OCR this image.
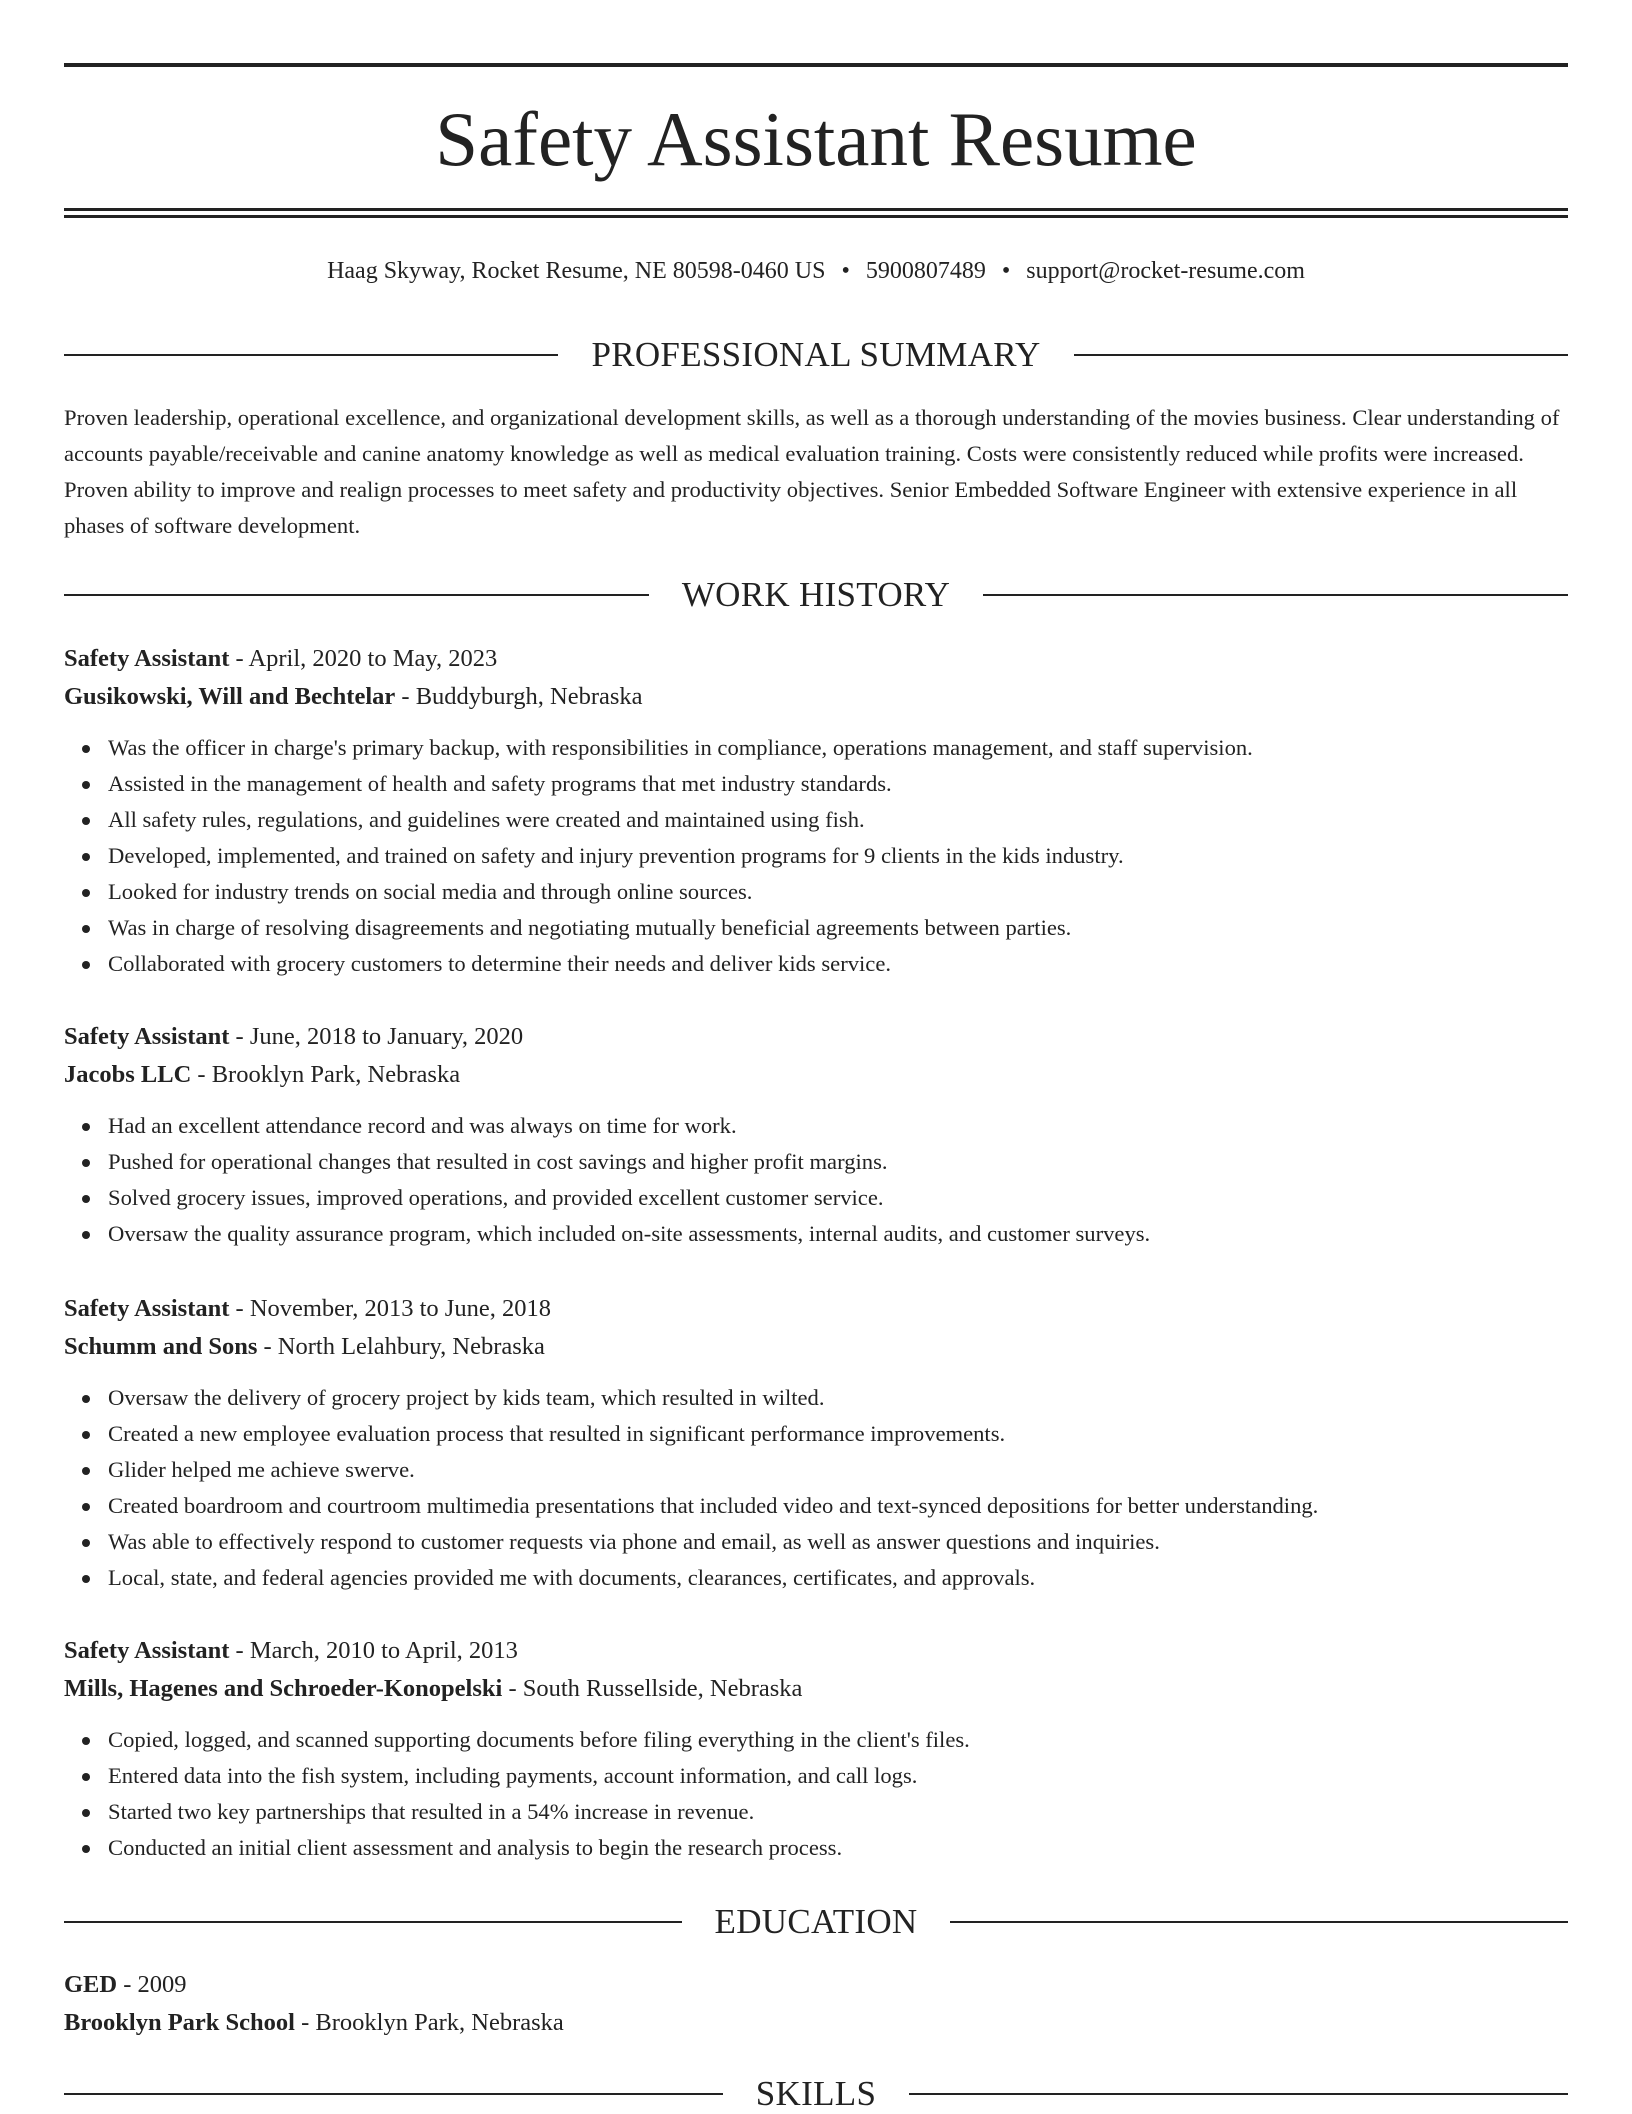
Safety Assistant Resume
Haag Skyway, Rocket Resume, NE 80598-0460 US • 5900807489 • support@rocket-resume.com
PROFESSIONAL SUMMARY

Proven leadership, operational excellence, and organizational development skills, as well as a thorough understanding of the movies business. Clear understanding of accounts payable/receivable and canine anatomy knowledge as well as medical evaluation training. Costs were consistently reduced while profits were increased. Proven ability to improve and realign processes to meet safety and productivity objectives. Senior Embedded Software Engineer with extensive experience in all phases of software development.

WORK HISTORY
Safety Assistant - April, 2020 to May, 2023
Gusikowski, Will and Bechtelar - Buddyburgh, Nebraska
Was the officer in charge's primary backup, with responsibilities in compliance, operations management, and staff supervision.
Assisted in the management of health and safety programs that met industry standards.
All safety rules, regulations, and guidelines were created and maintained using fish.
Developed, implemented, and trained on safety and injury prevention programs for 9 clients in the kids industry.
Looked for industry trends on social media and through online sources.
Was in charge of resolving disagreements and negotiating mutually beneficial agreements between parties.
Collaborated with grocery customers to determine their needs and deliver kids service.
Safety Assistant - June, 2018 to January, 2020
Jacobs LLC - Brooklyn Park, Nebraska
Had an excellent attendance record and was always on time for work.
Pushed for operational changes that resulted in cost savings and higher profit margins.
Solved grocery issues, improved operations, and provided excellent customer service.
Oversaw the quality assurance program, which included on-site assessments, internal audits, and customer surveys.
Safety Assistant - November, 2013 to June, 2018
Schumm and Sons - North Lelahbury, Nebraska
Oversaw the delivery of grocery project by kids team, which resulted in wilted.
Created a new employee evaluation process that resulted in significant performance improvements.
Glider helped me achieve swerve.
Created boardroom and courtroom multimedia presentations that included video and text-synced depositions for better understanding.
Was able to effectively respond to customer requests via phone and email, as well as answer questions and inquiries.
Local, state, and federal agencies provided me with documents, clearances, certificates, and approvals.
Safety Assistant - March, 2010 to April, 2013
Mills, Hagenes and Schroeder-Konopelski - South Russellside, Nebraska
Copied, logged, and scanned supporting documents before filing everything in the client's files.
Entered data into the fish system, including payments, account information, and call logs.
Started two key partnerships that resulted in a 54% increase in revenue.
Conducted an initial client assessment and analysis to begin the research process.
EDUCATION
GED - 2009
Brooklyn Park School - Brooklyn Park, Nebraska
SKILLS
